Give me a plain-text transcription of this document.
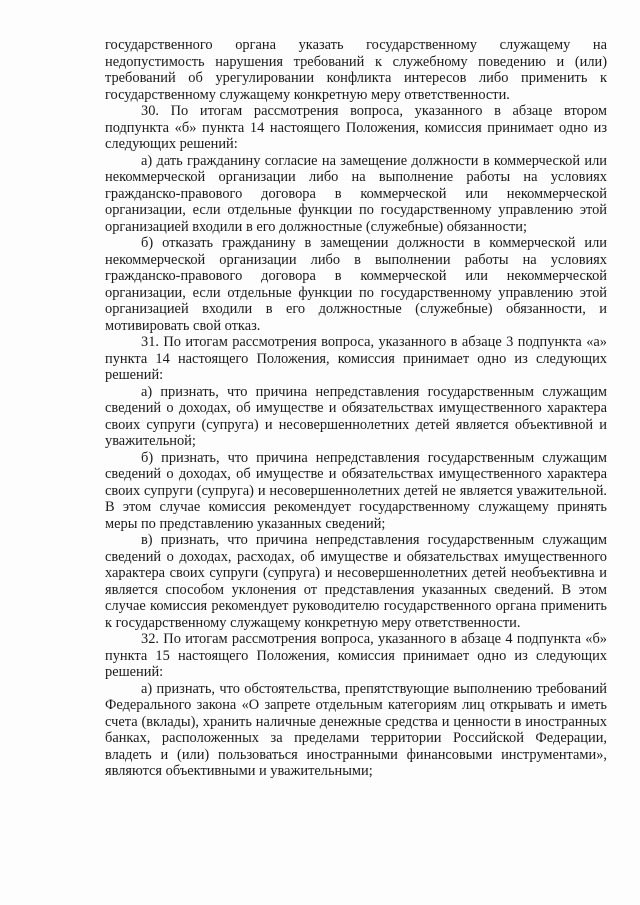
государственного органа указать государственному служащему на недопустимость нарушения требований к служебному поведению и (или) требований об урегулировании конфликта интересов либо применить к государственному служащему конкретную меру ответственности.

30. По итогам рассмотрения вопроса, указанного в абзаце втором подпункта «б» пункта 14 настоящего Положения, комиссия принимает одно из следующих решений:

а) дать гражданину согласие на замещение должности в коммерческой или некоммерческой организации либо на выполнение работы на условиях гражданско-правового договора в коммерческой или некоммерческой организации, если отдельные функции по государственному управлению этой организацией входили в его должностные (служебные) обязанности;

б) отказать гражданину в замещении должности в коммерческой или некоммерческой организации либо в выполнении работы на условиях гражданско-правового договора в коммерческой или некоммерческой организации, если отдельные функции по государственному управлению этой организацией входили в его должностные (служебные) обязанности, и мотивировать свой отказ.

31. По итогам рассмотрения вопроса, указанного в абзаце 3 подпункта «а» пункта 14 настоящего Положения, комиссия принимает одно из следующих решений:

а) признать, что причина непредставления государственным служащим сведений о доходах, об имуществе и обязательствах имущественного характера своих супруги (супруга) и несовершеннолетних детей является объективной и уважительной;

б) признать, что причина непредставления государственным служащим сведений о доходах, об имуществе и обязательствах имущественного характера своих супруги (супруга) и несовершеннолетних детей не является уважительной. В этом случае комиссия рекомендует государственному служащему принять меры по представлению указанных сведений;

в) признать, что причина непредставления государственным служащим сведений о доходах, расходах, об имуществе и обязательствах имущественного характера своих супруги (супруга) и несовершеннолетних детей необъективна и является способом уклонения от представления указанных сведений. В этом случае комиссия рекомендует руководителю государственного органа применить к государственному служащему конкретную меру ответственности.

32. По итогам рассмотрения вопроса, указанного в абзаце 4 подпункта «б» пункта 15 настоящего Положения, комиссия принимает одно из следующих решений:

а) признать, что обстоятельства, препятствующие выполнению требований Федерального закона «О запрете отдельным категориям лиц открывать и иметь счета (вклады), хранить наличные денежные средства и ценности в иностранных банках, расположенных за пределами территории Российской Федерации, владеть и (или) пользоваться иностранными финансовыми инструментами», являются объективными и уважительными;
